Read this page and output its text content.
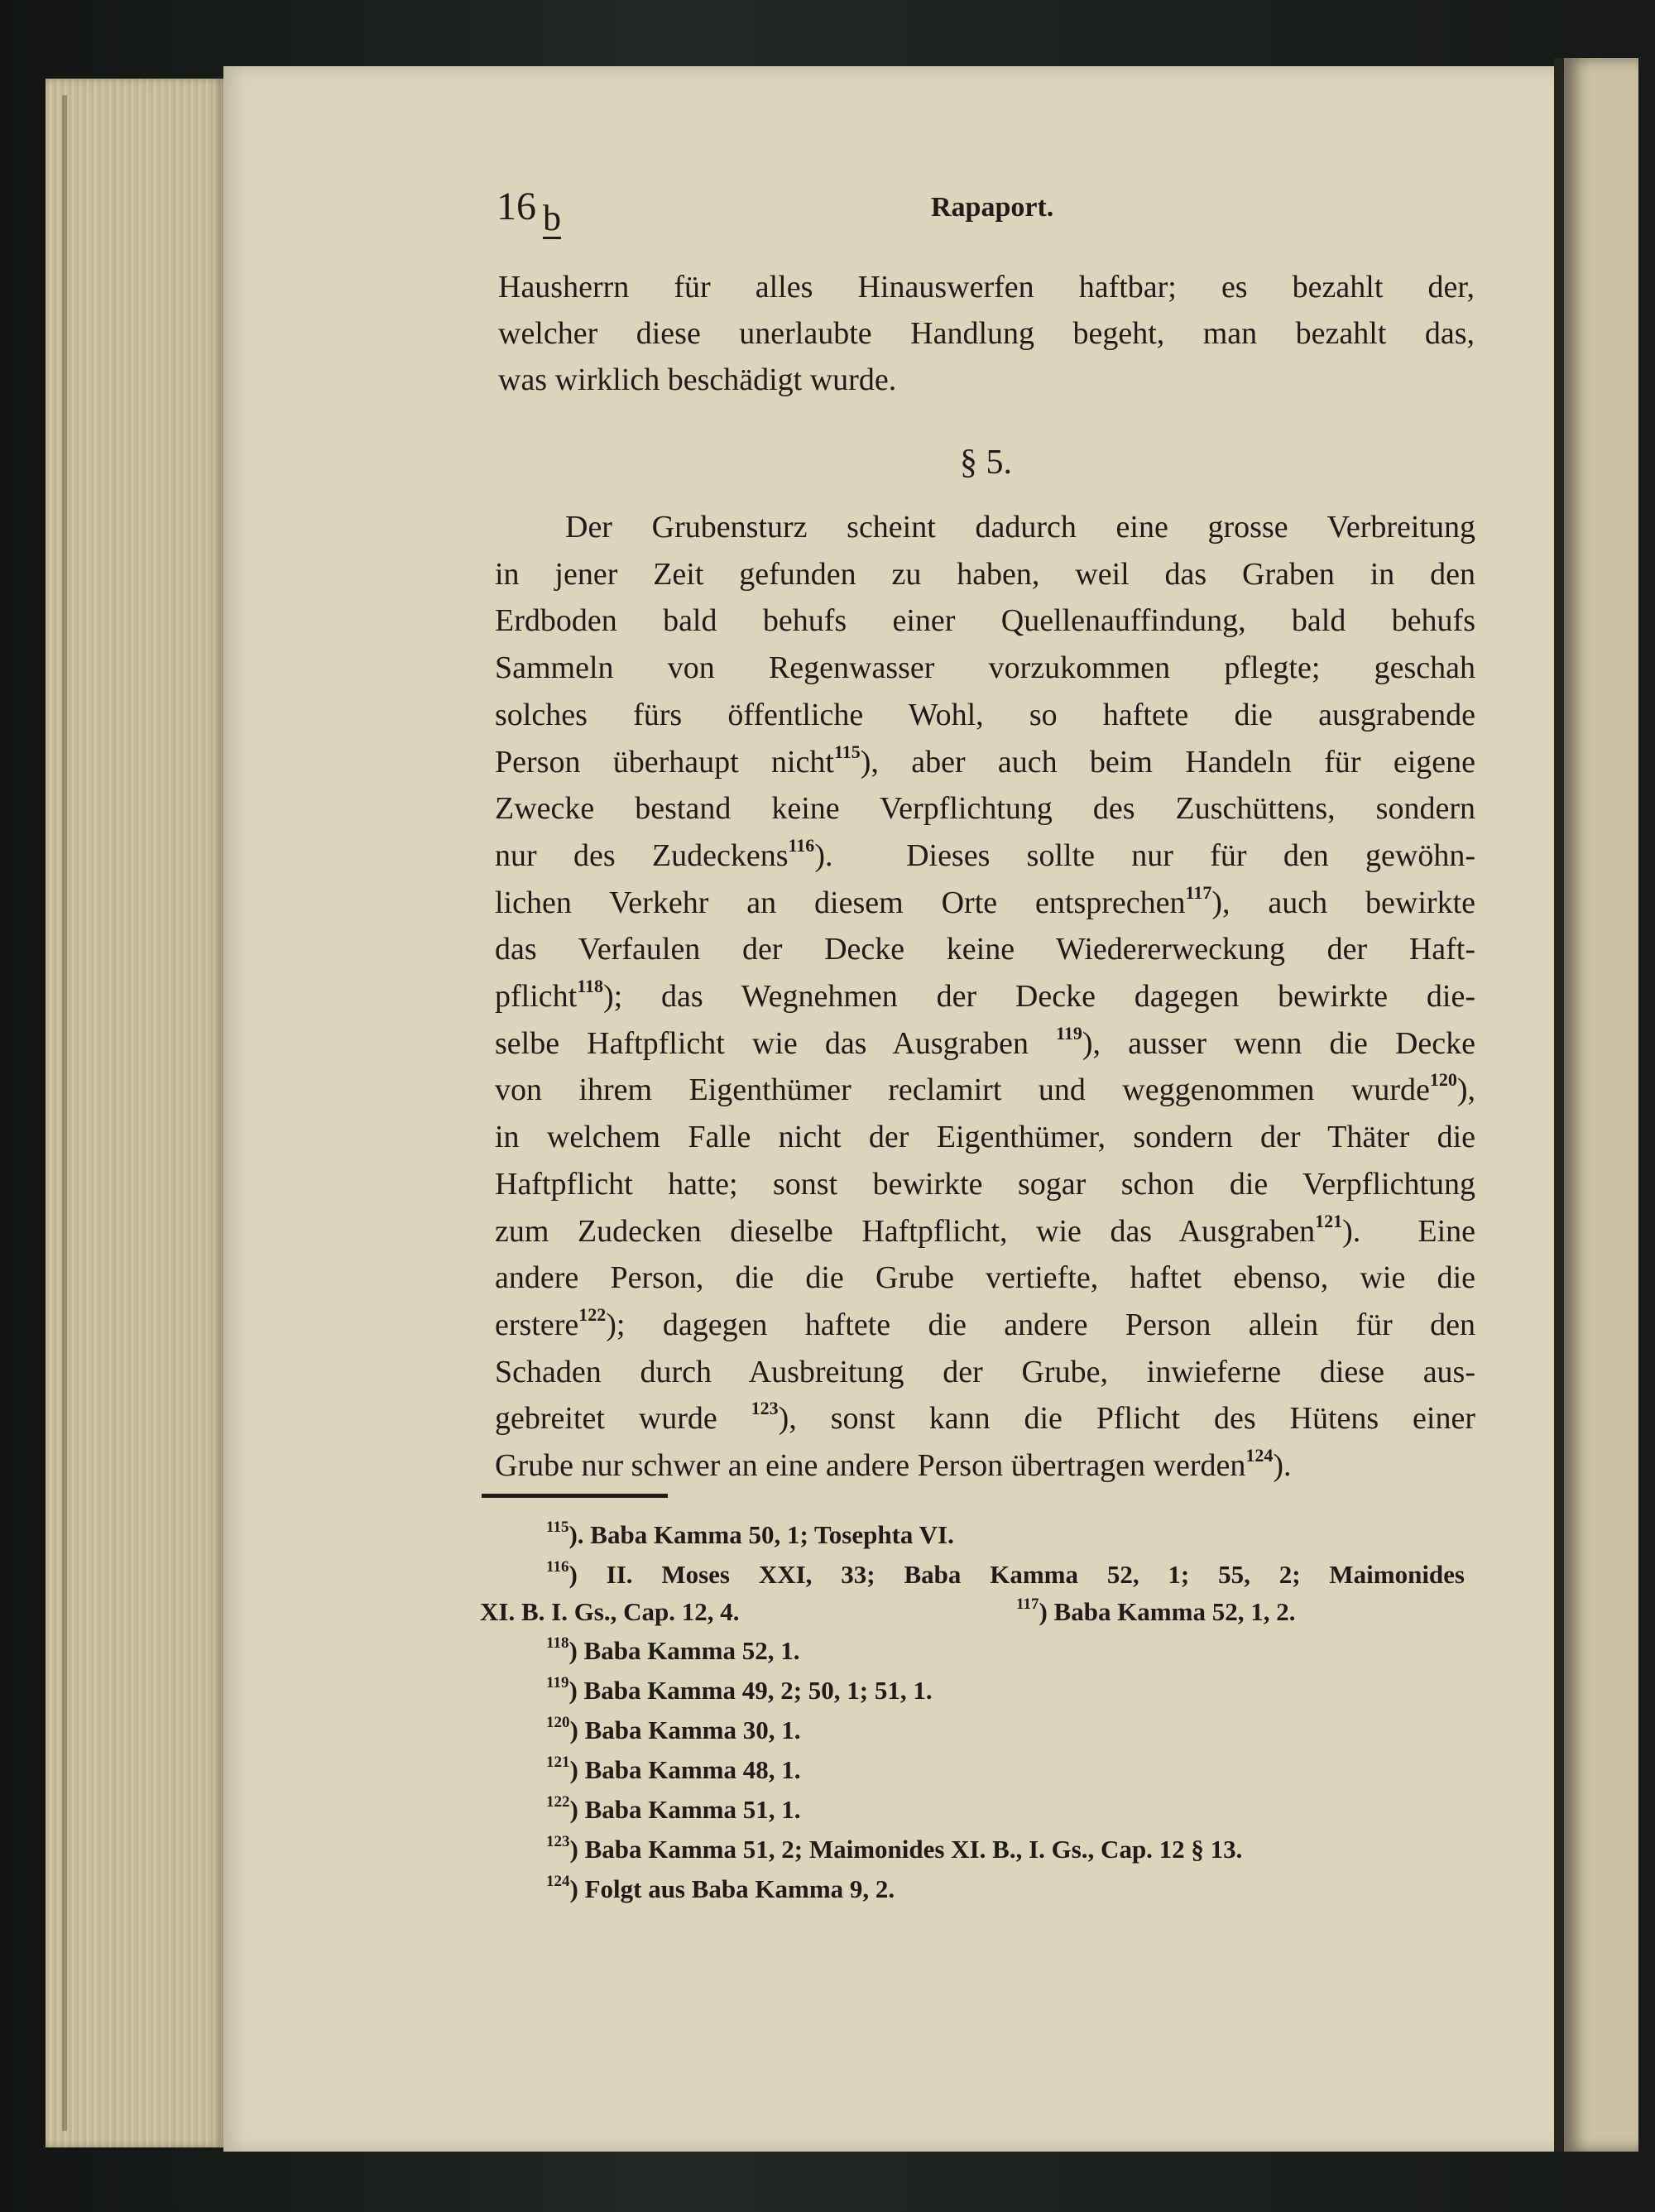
16 b	Rapaport.
Hausherrn für alles Hinauswerfen haftbar; es bezahlt der,
welcher diese unerlaubte Handlung begeht, man bezahlt das,
was wirklich beschädigt wurde.
§ 5.
Der Grubensturz scheint dadurch eine grosse Verbreitung
in jener Zeit gefunden zu haben, weil das Graben in den
Erdboden bald behufs einer Quellenauffindung, bald behufs
Sammeln von Regenwasser vorzukommen pflegte; geschah
solches fürs öffentliche Wohl, so haftete die ausgrabende
Person überhaupt nicht$^{115}$), aber auch beim Handeln für eigene
Zwecke bestand keine Verpflichtung des Zuschüttens, sondern
nur des Zudeckens$^{116}$).  Dieses sollte nur für den gewöhn-
lichen Verkehr an diesem Orte entsprechen$^{117}$), auch bewirkte
das Verfaulen der Decke keine Wiedererweckung der Haft-
pflicht$^{118}$); das Wegnehmen der Decke dagegen bewirkte die-
selbe Haftpflicht wie das Ausgraben $^{119}$), ausser wenn die Decke
von ihrem Eigenthümer reclamirt und weggenommen wurde$^{120}$),
in welchem Falle nicht der Eigenthümer, sondern der Thäter die
Haftpflicht hatte; sonst bewirkte sogar schon die Verpflichtung
zum Zudecken dieselbe Haftpflicht, wie das Ausgraben$^{121}$).  Eine
andere Person, die die Grube vertiefte, haftet ebenso, wie die
erstere$^{122}$); dagegen haftete die andere Person allein für den
Schaden durch Ausbreitung der Grube, inwieferne diese aus-
gebreitet wurde $^{123}$), sonst kann die Pflicht des Hütens einer
Grube nur schwer an eine andere Person übertragen werden$^{124}$).
$^{115}$). Baba Kamma 50, 1; Tosephta VI.
$^{116}$) II. Moses XXI, 33; Baba Kamma 52, 1; 55, 2; Maimonides
XI. B. I. Gs., Cap. 12, 4.	$^{117}$) Baba Kamma 52, 1, 2.
$^{118}$) Baba Kamma 52, 1.
$^{119}$) Baba Kamma 49, 2; 50, 1; 51, 1.
$^{120}$) Baba Kamma 30, 1.
$^{121}$) Baba Kamma 48, 1.
$^{122}$) Baba Kamma 51, 1.
$^{123}$) Baba Kamma 51, 2; Maimonides XI. B., I. Gs., Cap. 12 § 13.
$^{124}$) Folgt aus Baba Kamma 9, 2.
